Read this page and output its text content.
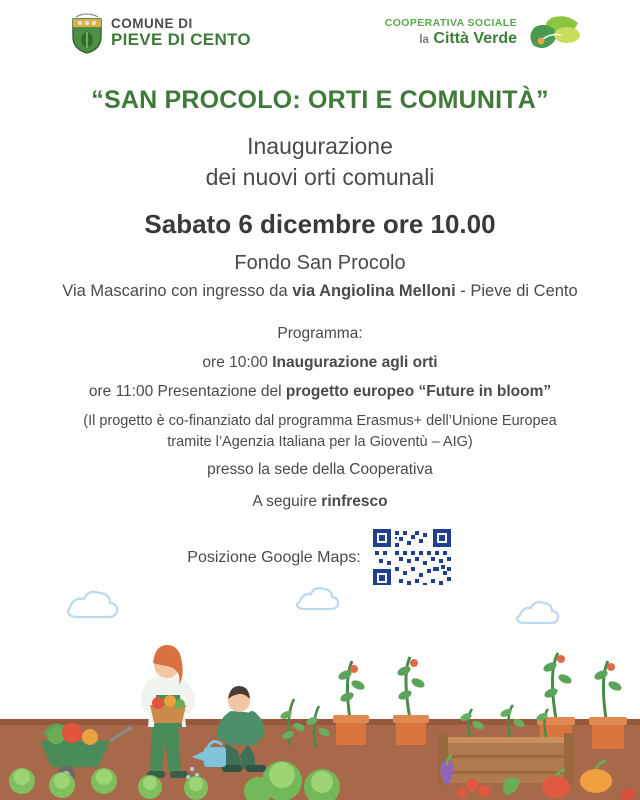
COMUNE DI
PIEVE DI CENTO
COOPERATIVA SOCIALE
la Città Verde
“SAN PROCOLO: ORTI E COMUNITÀ”
Inaugurazione
dei nuovi orti comunali
Sabato 6 dicembre ore 10.00
Fondo San Procolo
Via Mascarino con ingresso da via Angiolina Melloni - Pieve di Cento
Programma:
ore 10:00 Inaugurazione agli orti
ore 11:00 Presentazione del progetto europeo “Future in bloom”
(Il progetto è co-finanziato dal programma Erasmus+ dell’Unione Europea
tramite l’Agenzia Italiana per la Gioventù – AIG)
presso la sede della Cooperativa
A seguire rinfresco
Posizione Google Maps:
